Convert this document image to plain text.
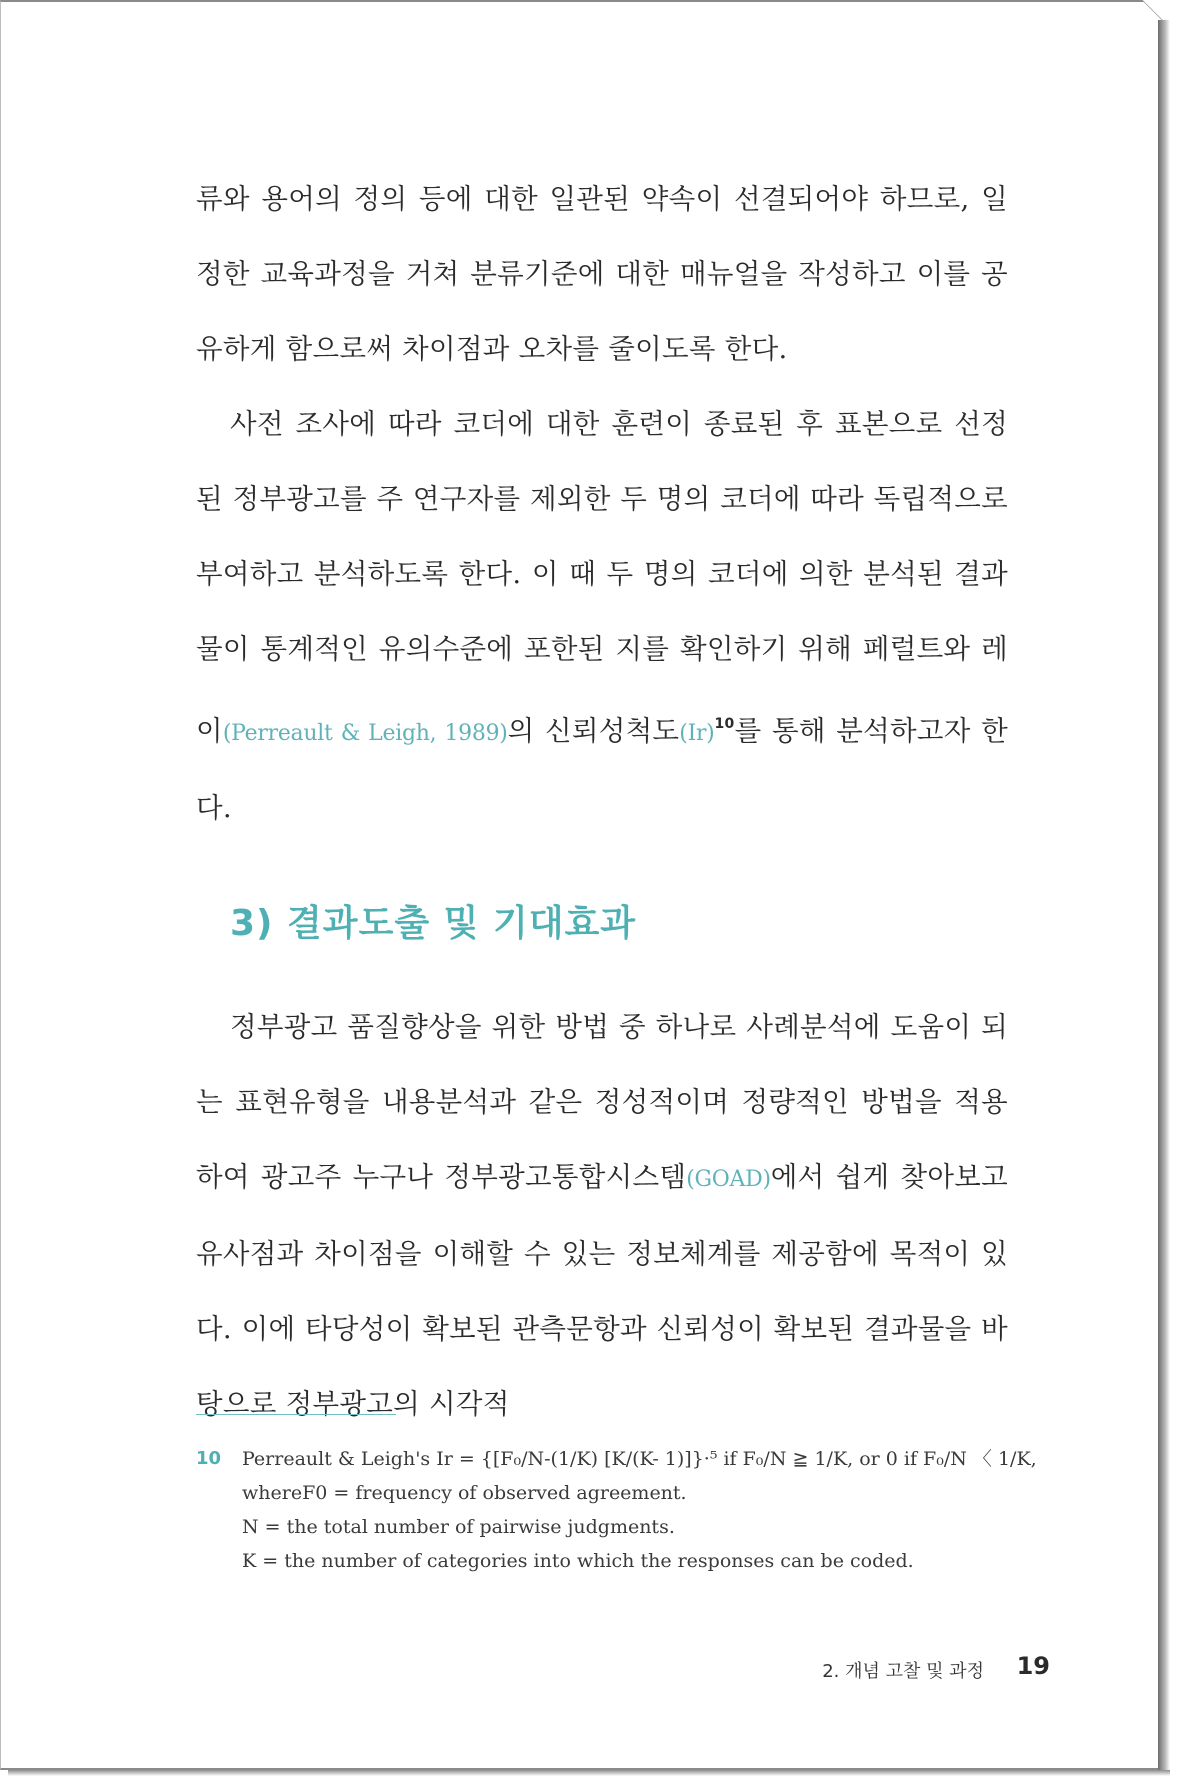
류와 용어의 정의 등에 대한 일관된 약속이 선결되어야 하므로, 일정한 교육과정을 거쳐 분류기준에 대한 매뉴얼을 작성하고 이를 공유하게 함으로써 차이점과 오차를 줄이도록 한다.

사전 조사에 따라 코더에 대한 훈련이 종료된 후 표본으로 선정된 정부광고를 주 연구자를 제외한 두 명의 코더에 따라 독립적으로 부여하고 분석하도록 한다. 이 때 두 명의 코더에 의한 분석된 결과물이 통계적인 유의수준에 포한된 지를 확인하기 위해 페럴트와 레이(Perreault & Leigh, 1989)의 신뢰성척도$(Ir)^{10}$를 통해 분석하고자 한다.

3) 결과도출 및 기대효과

정부광고 품질향상을 위한 방법 중 하나로 사례분석에 도움이 되는 표현유형을 내용분석과 같은 정성적이며 정량적인 방법을 적용하여 광고주 누구나 정부광고통합시스템(GOAD)에서 쉽게 찾아보고 유사점과 차이점을 이해할 수 있는 정보체계를 제공함에 목적이 있다. 이에 타당성이 확보된 관측문항과 신뢰성이 확보된 결과물을 바탕으로 정부광고의 시각적

10	Perreault & Leigh's Ir = {[F₀/N-(1/K) [K/(K- 1)]}·⁵ if F₀/N ≧ 1/K, or 0 if F₀/N 〈 1/K,
whereF0 = frequency of observed agreement.
N = the total number of pairwise judgments.
K = the number of categories into which the responses can be coded.
2. 개념 고찰 및 과정 19
